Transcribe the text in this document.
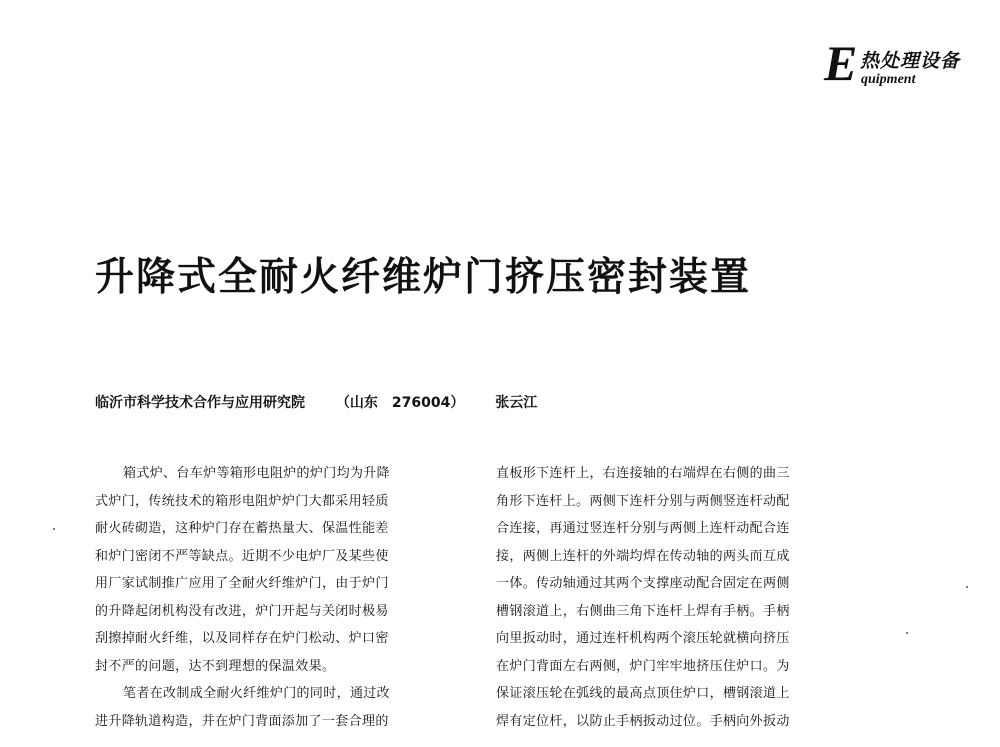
E 热处理设备
quipment
升降式全耐火纤维炉门挤压密封装置
临沂市科学技术合作与应用研究院 （山东　276004） 张云江
箱式炉、台车炉等箱形电阻炉的炉门均为升降
式炉门，传统技术的箱形电阻炉炉门大都采用轻质
耐火砖砌造，这种炉门存在蓄热量大、保温性能差
和炉门密闭不严等缺点。近期不少电炉厂及某些使
用厂家试制推广应用了全耐火纤维炉门，由于炉门
的升降起闭机构没有改进，炉门开起与关闭时极易
刮擦掉耐火纤维，以及同样存在炉门松动、炉口密
封不严的问题，达不到理想的保温效果。
笔者在改制成全耐火纤维炉门的同时，通过改
进升降轨道构造，并在炉门背面添加了一套合理的
直板形下连杆上，右连接轴的右端焊在右侧的曲三
角形下连杆上。两侧下连杆分别与两侧竖连杆动配
合连接，再通过竖连杆分别与两侧上连杆动配合连
接，两侧上连杆的外端均焊在传动轴的两头而互成
一体。传动轴通过其两个支撑座动配合固定在两侧
槽钢滚道上，右侧曲三角下连杆上焊有手柄。手柄
向里扳动时，通过连杆机构两个滚压轮就横向挤压
在炉门背面左右两侧，炉门牢牢地挤压住炉口。为
保证滚压轮在弧线的最高点顶住炉口，槽钢滚道上
焊有定位杆，以防止手柄扳动过位。手柄向外扳动
